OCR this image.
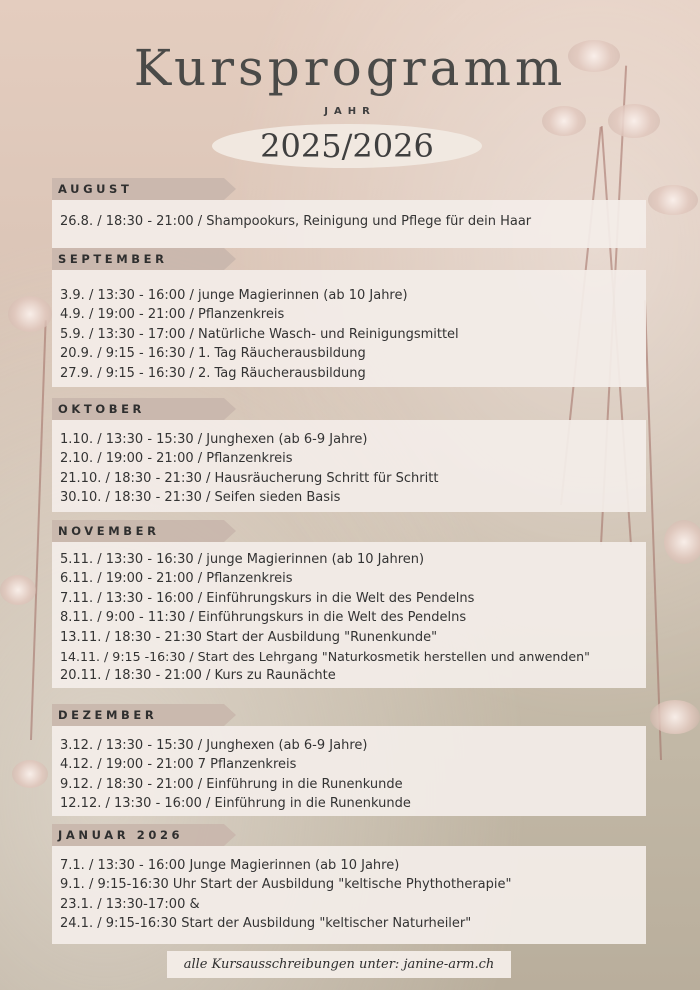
Kursprogramm
JAHR
2025/2026
AUGUST
26.8. / 18:30 - 21:00 / Shampookurs, Reinigung und Pflege für dein Haar
SEPTEMBER
3.9. / 13:30 - 16:00 / junge Magierinnen (ab 10 Jahre)
4.9. / 19:00 - 21:00 / Pflanzenkreis
5.9. / 13:30 - 17:00 / Natürliche Wasch- und Reinigungsmittel
20.9. / 9:15 - 16:30 / 1. Tag Räucherausbildung
27.9. / 9:15 - 16:30 / 2. Tag Räucherausbildung
OKTOBER
1.10. / 13:30 - 15:30 / Junghexen (ab 6-9 Jahre)
2.10. / 19:00 - 21:00 / Pflanzenkreis
21.10. / 18:30 - 21:30 / Hausräucherung Schritt für Schritt
30.10. / 18:30 - 21:30 / Seifen sieden Basis
NOVEMBER
5.11. / 13:30 - 16:30 / junge Magierinnen (ab 10 Jahren)
6.11. / 19:00 - 21:00 / Pflanzenkreis
7.11. / 13:30 - 16:00 / Einführungskurs in die Welt des Pendelns
8.11. / 9:00 - 11:30 / Einführungskurs in die Welt des Pendelns
13.11. / 18:30 - 21:30 Start der Ausbildung "Runenkunde"
14.11. / 9:15 -16:30 / Start des Lehrgang "Naturkosmetik herstellen und anwenden"
20.11. / 18:30 - 21:00 / Kurs zu Raunächte
DEZEMBER
3.12. / 13:30 - 15:30 / Junghexen (ab 6-9 Jahre)
4.12. / 19:00 - 21:00 7 Pflanzenkreis
9.12. / 18:30 - 21:00 / Einführung in die Runenkunde
12.12. / 13:30 - 16:00 / Einführung in die Runenkunde
JANUAR 2026
7.1. / 13:30 - 16:00 Junge Magierinnen (ab 10 Jahre)
9.1. / 9:15-16:30 Uhr Start der Ausbildung "keltische Phythotherapie"
23.1. / 13:30-17:00 &
24.1. / 9:15-16:30 Start der Ausbildung "keltischer Naturheiler"
alle Kursausschreibungen unter: janine-arm.ch
